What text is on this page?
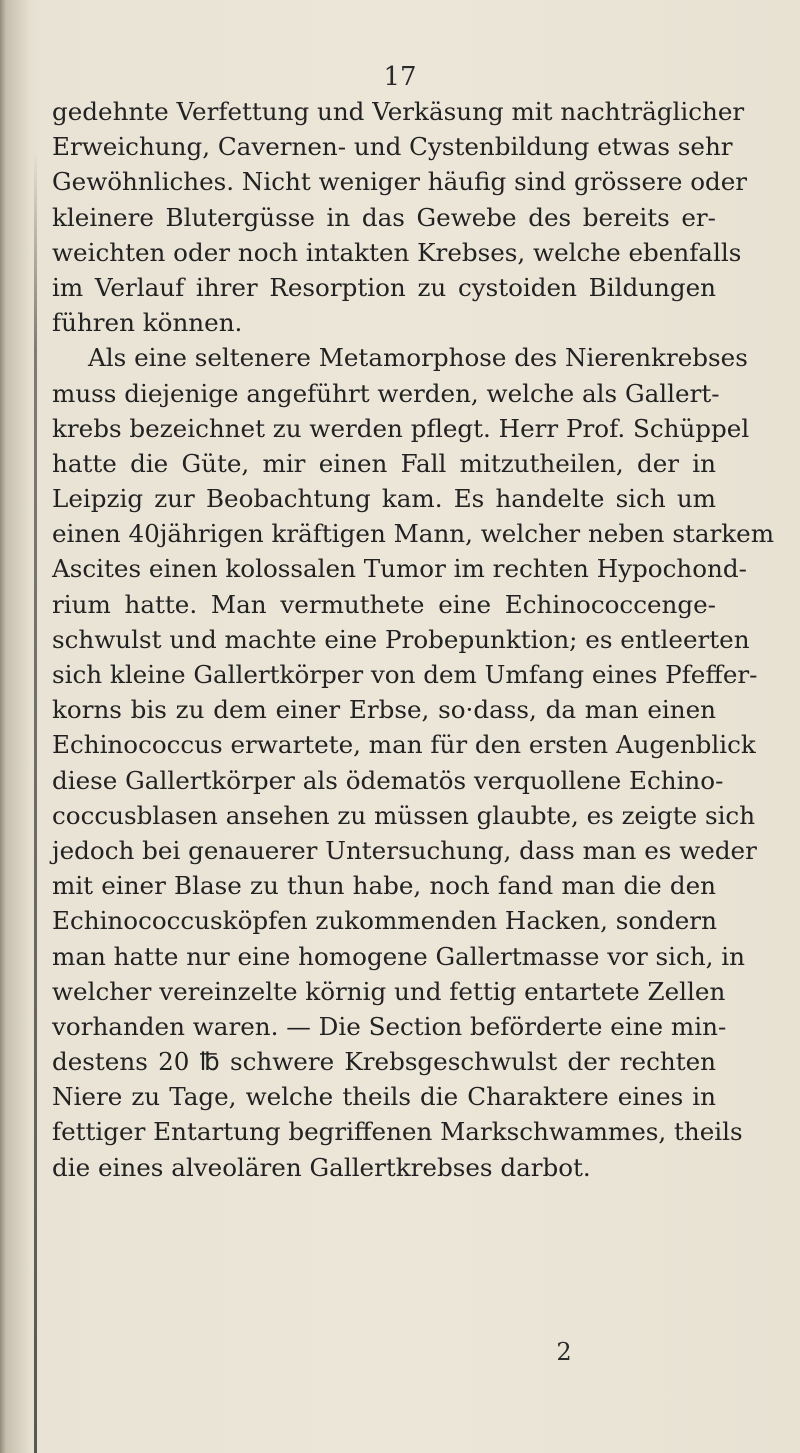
17
gedehnte Verfettung und Verkäsung mit nachträglicher
Erweichung, Cavernen- und Cystenbildung etwas sehr
Gewöhnliches. Nicht weniger häufig sind grössere oder
kleinere Blutergüsse in das Gewebe des bereits er-
weichten oder noch intakten Krebses, welche ebenfalls
im Verlauf ihrer Resorption zu cystoiden Bildungen
führen können.
Als eine seltenere Metamorphose des Nierenkrebses
muss diejenige angeführt werden, welche als Gallert-
krebs bezeichnet zu werden pflegt. Herr Prof. Schüppel
hatte die Güte, mir einen Fall mitzutheilen, der in
Leipzig zur Beobachtung kam. Es handelte sich um
einen 40jährigen kräftigen Mann, welcher neben starkem
Ascites einen kolossalen Tumor im rechten Hypochond-
rium hatte. Man vermuthete eine Echinococcenge-
schwulst und machte eine Probepunktion; es entleerten
sich kleine Gallertkörper von dem Umfang eines Pfeffer-
korns bis zu dem einer Erbse, so·dass, da man einen
Echinococcus erwartete, man für den ersten Augenblick
diese Gallertkörper als ödematös verquollene Echino-
coccusblasen ansehen zu müssen glaubte, es zeigte sich
jedoch bei genauerer Untersuchung, dass man es weder
mit einer Blase zu thun habe, noch fand man die den
Echinococcusköpfen zukommenden Hacken, sondern
man hatte nur eine homogene Gallertmasse vor sich, in
welcher vereinzelte körnig und fettig entartete Zellen
vorhanden waren. — Die Section beförderte eine min-
destens 20 ℔ schwere Krebsgeschwulst der rechten
Niere zu Tage, welche theils die Charaktere eines in
fettiger Entartung begriffenen Markschwammes, theils
die eines alveolären Gallertkrebses darbot.
2
